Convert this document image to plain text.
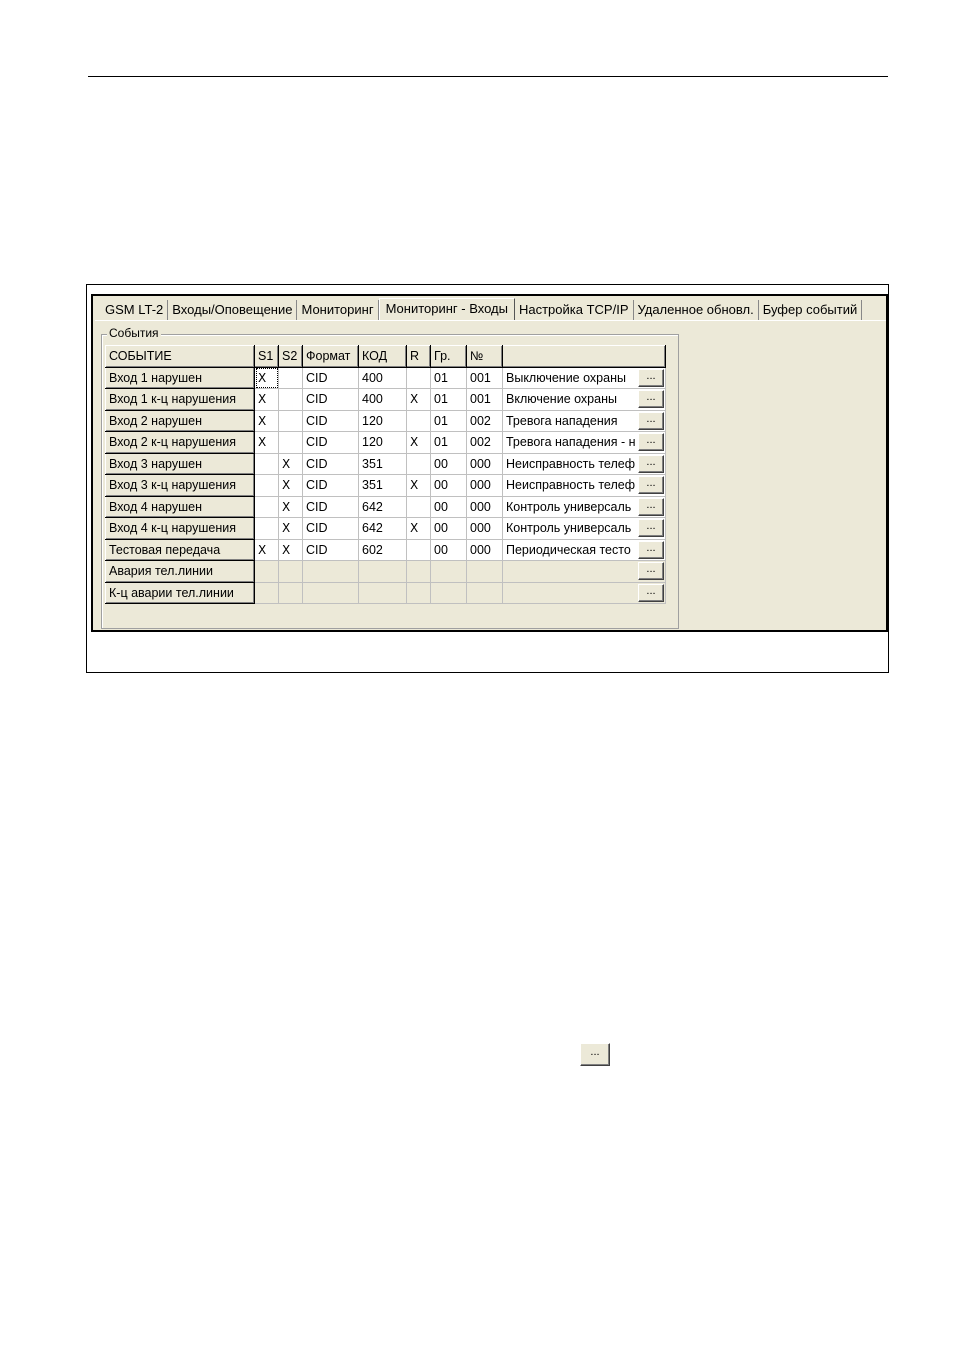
GSM LT-2 Входы/Оповещение Мониторинг Мониторинг - Входы Настройка TCP/IP Удаленное обновл. Буфер событий
События
СОБЫТИЕ	S1	S2	Формат	КОД	R	Гр.	№	
Вход 1 нарушен	X		CID	400		01	001	Выключение охраны ...

Вход 1 к-ц нарушения	X		CID	400	X	01	001	Включение охраны ...

Вход 2 нарушен	X		CID	120		01	002	Тревога нападения ...

Вход 2 к-ц нарушения	X		CID	120	X	01	002	Тревога нападения - н ...

Вход 3 нарушен		X	CID	351		00	000	Неисправность телеф ...

Вход 3 к-ц нарушения		X	CID	351	X	00	000	Неисправность телеф ...

Вход 4 нарушен		X	CID	642		00	000	Контроль универсаль ...

Вход 4 к-ц нарушения		X	CID	642	X	00	000	Контроль универсаль ...

Тестовая передача	X	X	CID	602		00	000	Периодическая тесто ...

Авария тел.линии								...

К-ц аварии тел.линии								...
...
